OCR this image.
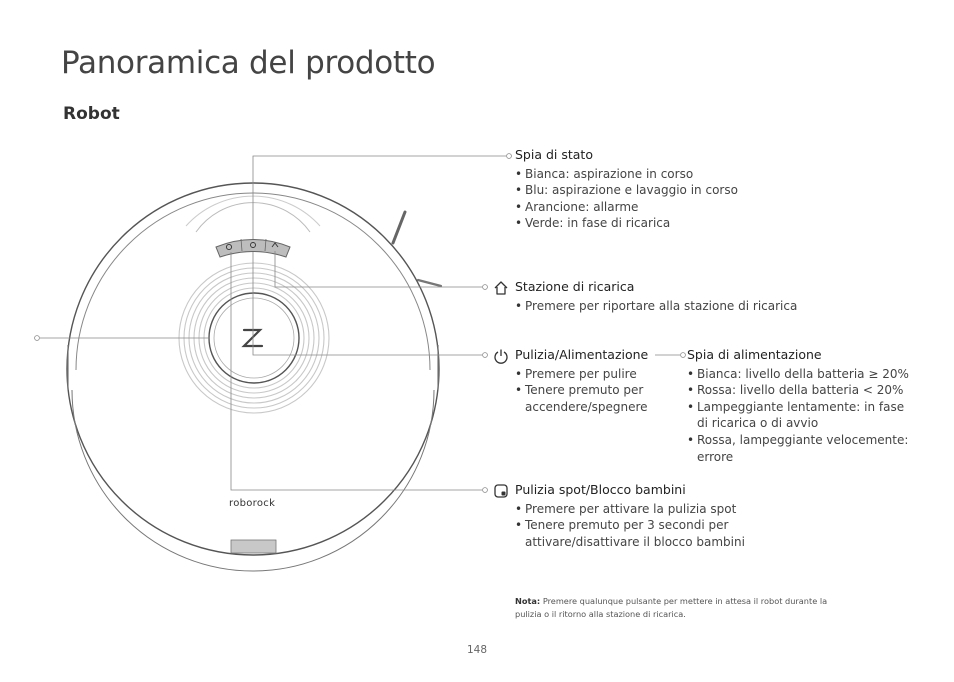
Panoramica del prodotto
Robot
roborock
Spia di stato
• Bianca: aspirazione in corso
• Blu: aspirazione e lavaggio in corso
• Arancione: allarme
• Verde: in fase di ricarica
Stazione di ricarica
• Premere per riportare alla stazione di ricarica
Pulizia/Alimentazione
• Premere per pulire
• Tenere premuto per accendere/spegnere
Spia di alimentazione
• Bianca: livello della batteria ≥ 20%
• Rossa: livello della batteria < 20%
• Lampeggiante lentamente: in fase di ricarica o di avvio
• Rossa, lampeggiante velocemente: errore
Pulizia spot/Blocco bambini
• Premere per attivare la pulizia spot
• Tenere premuto per 3 secondi per attivare/disattivare il blocco bambini
Nota: Premere qualunque pulsante per mettere in attesa il robot durante la pulizia o il ritorno alla stazione di ricarica.
148
